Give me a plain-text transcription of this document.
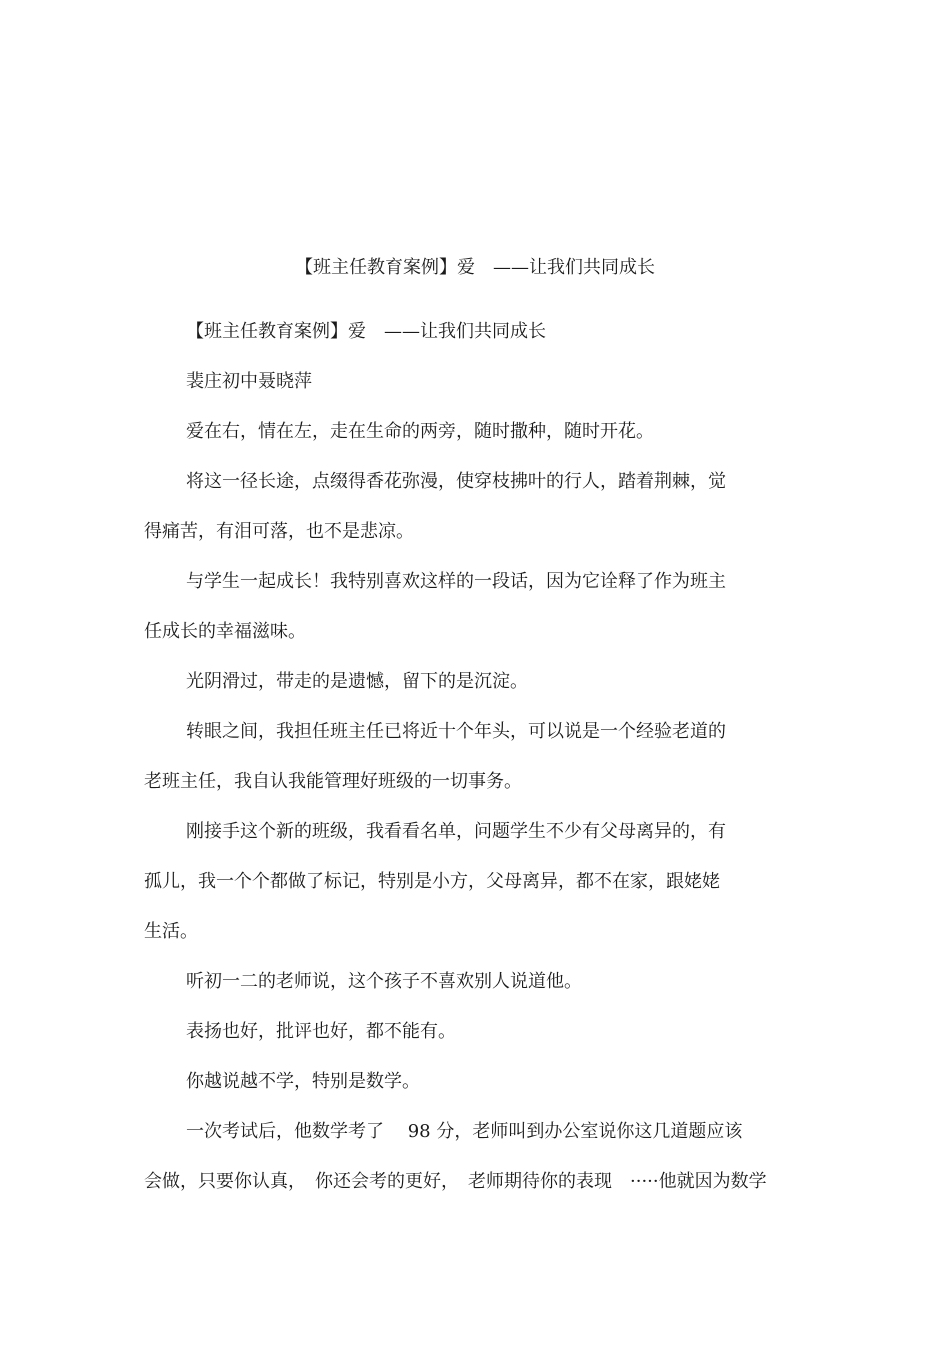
【班主任教育案例】爱　——让我们共同成长
【班主任教育案例】爱　——让我们共同成长
裴庄初中聂晓萍
爱在右，情在左，走在生命的两旁，随时撒种，随时开花。
将这一径长途，点缀得香花弥漫，使穿枝拂叶的行人，踏着荆棘，觉
得痛苦，有泪可落，也不是悲凉。
与学生一起成长！我特别喜欢这样的一段话，因为它诠释了作为班主
任成长的幸福滋味。
光阴滑过，带走的是遗憾，留下的是沉淀。
转眼之间，我担任班主任已将近十个年头，可以说是一个经验老道的
老班主任，我自认我能管理好班级的一切事务。
刚接手这个新的班级，我看看名单，问题学生不少有父母离异的，有
孤儿，我一个个都做了标记，特别是小方，父母离异，都不在家，跟姥姥
生活。
听初一二的老师说，这个孩子不喜欢别人说道他。
表扬也好，批评也好，都不能有。
你越说越不学，特别是数学。
一次考试后，他数学考了　 98 分，老师叫到办公室说你这几道题应该
会做，只要你认真，　你还会考的更好，　老师期待你的表现　·····他就因为数学
